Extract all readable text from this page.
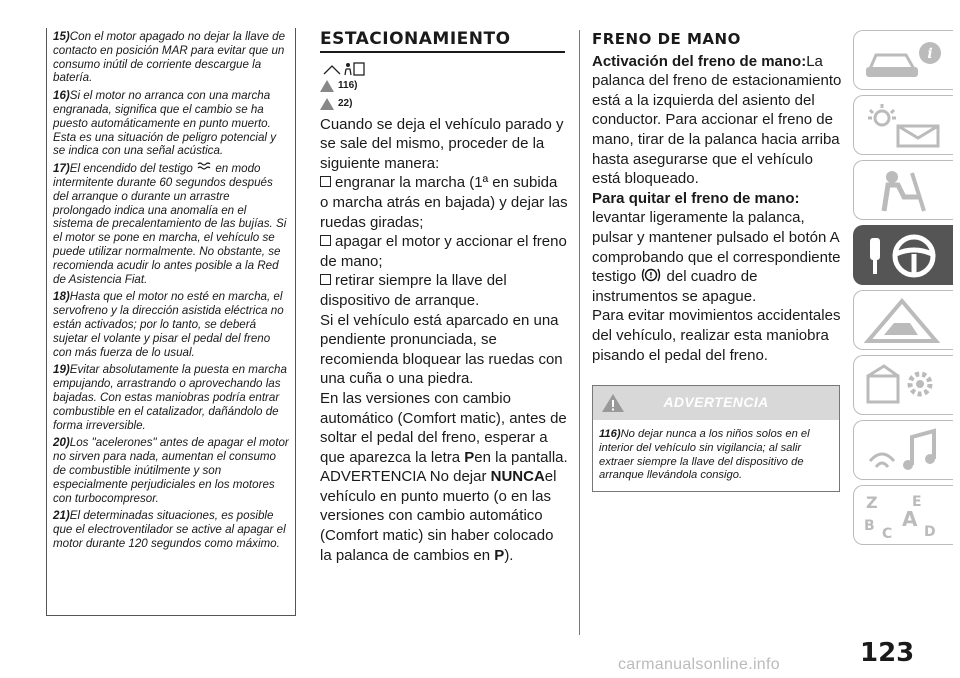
15)Con el motor apagado no dejar la llave de contacto en posición MAR para evitar que un consumo inútil de corriente descargue la batería.

16)Si el motor no arranca con una marcha engranada, significa que el cambio se ha puesto automáticamente en punto muerto. Esta es una situación de peligro potencial y se indica con una señal acústica.

17)El encendido del testigo en modo intermitente durante 60 segundos después del arranque o durante un arrastre prolongado indica una anomalía en el sistema de precalentamiento de las bujías. Si el motor se pone en marcha, el vehículo se puede utilizar normalmente. No obstante, se recomienda acudir lo antes posible a la Red de Asistencia Fiat.

18)Hasta que el motor no esté en marcha, el servofreno y la dirección asistida eléctrica no están activados; por lo tanto, se deberá sujetar el volante y pisar el pedal del freno con más fuerza de lo usual.

19)Evitar absolutamente la puesta en marcha empujando, arrastrando o aprovechando las bajadas. Con estas maniobras podría entrar combustible en el catalizador, dañándolo de forma irreversible.

20)Los "acelerones" antes de apagar el motor no sirven para nada, aumentan el consumo de combustible inútilmente y son especialmente perjudiciales en los motores con turbocompresor.

21)El determinadas situaciones, es posible que el electroventilador se active al apagar el motor durante 120 segundos como máximo.

ESTACIONAMIENTO
116)
22)

Cuando se deja el vehículo parado y se sale del mismo, proceder de la siguiente manera:

engranar la marcha (1ª en subida o marcha atrás en bajada) y dejar las ruedas giradas;

apagar el motor y accionar el freno de mano;

retirar siempre la llave del dispositivo de arranque.

Si el vehículo está aparcado en una pendiente pronunciada, se recomienda bloquear las ruedas con una cuña o una piedra.

En las versiones con cambio automático (Comfort matic), antes de soltar el pedal del freno, esperar a que aparezca la letra Pen la pantalla.

ADVERTENCIA No dejar NUNCAel vehículo en punto muerto (o en las versiones con cambio automático (Comfort matic) sin haber colocado la palanca de cambios en P).

FRENO DE MANO

Activación del freno de mano:La palanca del freno de estacionamiento está a la izquierda del asiento del conductor. Para accionar el freno de mano, tirar de la palanca hacia arriba hasta asegurarse que el vehículo está bloqueado.

Para quitar el freno de mano:

levantar ligeramente la palanca, pulsar y mantener pulsado el botón A comprobando que el correspondiente testigo ! del cuadro de instrumentos se apague.

Para evitar movimientos accidentales del vehículo, realizar esta maniobra pisando el pedal del freno.

ADVERTENCIA
116)No dejar nunca a los niños solos en el interior del vehículo sin vigilancia; al salir extraer siempre la llave del dispositivo de arranque llevándola consigo.
i
Z E
B A
C D
123
carmanualsonline.info
